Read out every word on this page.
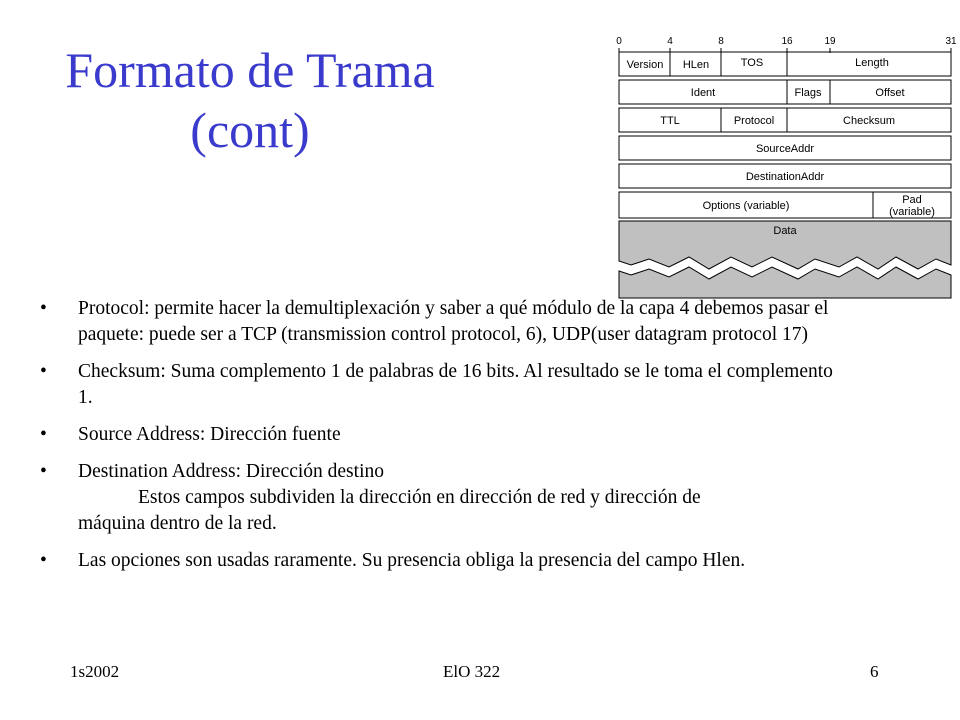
Formato de Trama
(cont)
0	4	8	16	19	31
Version HLen	TOS	Length
Ident	Flags	Offset
TTL	Protocol	Checksum
SourceAddr
DestinationAddr
Options (variable)	Pad
(variable)
Data
• Protocol: permite hacer la demultiplexación y saber a qué módulo de la capa 4 debemos pasar el paquete: puede ser a TCP (transmission control protocol, 6), UDP(user datagram protocol 17)
• Checksum: Suma complemento 1 de palabras de 16 bits. Al resultado se le toma el complemento 1.
• Source Address: Dirección fuente
• Destination Address: Dirección destino
Estos campos subdividen la dirección en dirección de red y dirección de
máquina dentro de la red.
• Las opciones son usadas raramente. Su presencia obliga la presencia del campo Hlen.
1s2002	ElO 322	6
